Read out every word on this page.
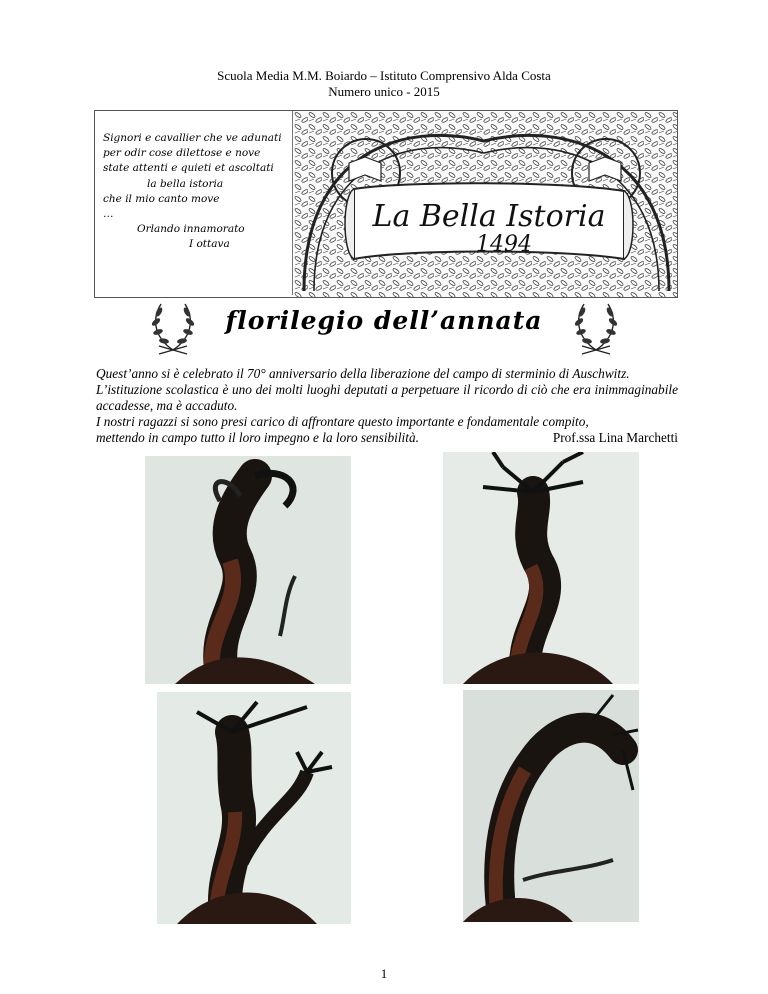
Scuola Media M.M. Boiardo – Istituto Comprensivo Alda Costa
Numero unico - 2015
Signori e cavallier che ve adunati
per odir cose dilettose e nove
state attenti e quieti et ascoltati
la bella istoria
che il mio canto move
…
Orlando innamorato
I ottava
La Bella Istoria
1494
florilegio dell’annata

Quest’anno si è celebrato il 70° anniversario della liberazione del campo di sterminio di Auschwitz.

L’istituzione scolastica è uno dei molti luoghi deputati a perpetuare il ricordo di ciò che era inimmaginabile accadesse, ma è accaduto.

I nostri ragazzi si sono presi carico di affrontare questo importante e fondamentale compito,

mettendo in campo tutto il loro impegno e la loro sensibilità.	Prof.ssa Lina Marchetti

1
